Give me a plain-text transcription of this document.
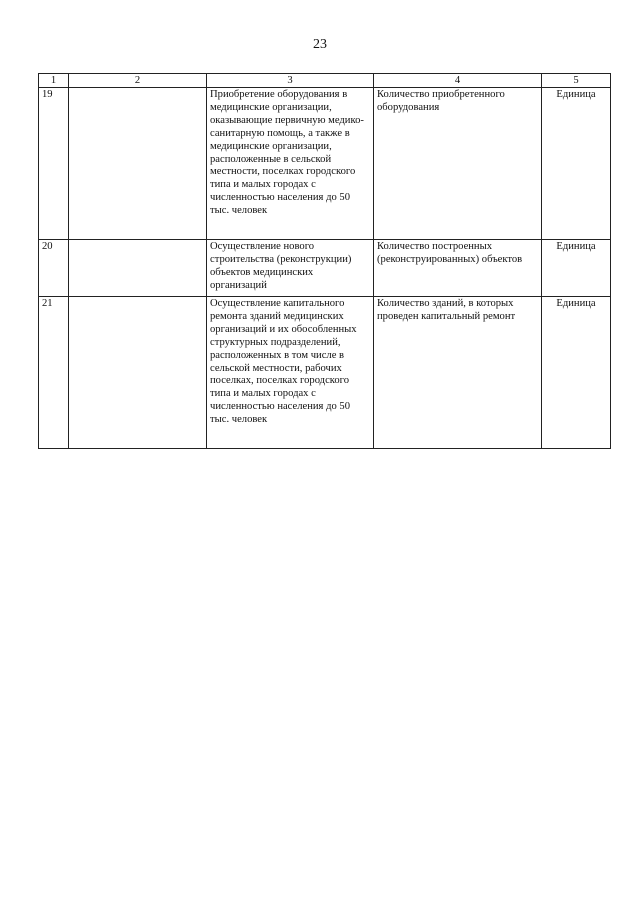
23
1	2	3	4	5
19		Приобретение оборудования в медицинские организации, оказывающие первичную медико-санитарную помощь, а также в медицинские организации, расположенные в сельской местности, поселках городского типа и малых городах с численностью населения до 50 тыс. человек	Количество приобретенного оборудования	Единица
20		Осуществление нового строительства (реконструкции) объектов медицинских организаций	Количество построенных (реконструированных) объектов	Единица
21		Осуществление капитального ремонта зданий медицинских организаций и их обособленных структурных подразделений, расположенных в том числе в сельской местности, рабочих поселках, поселках городского типа и малых городах с численностью населения до 50 тыс. человек	Количество зданий, в которых проведен капитальный ремонт	Единица
